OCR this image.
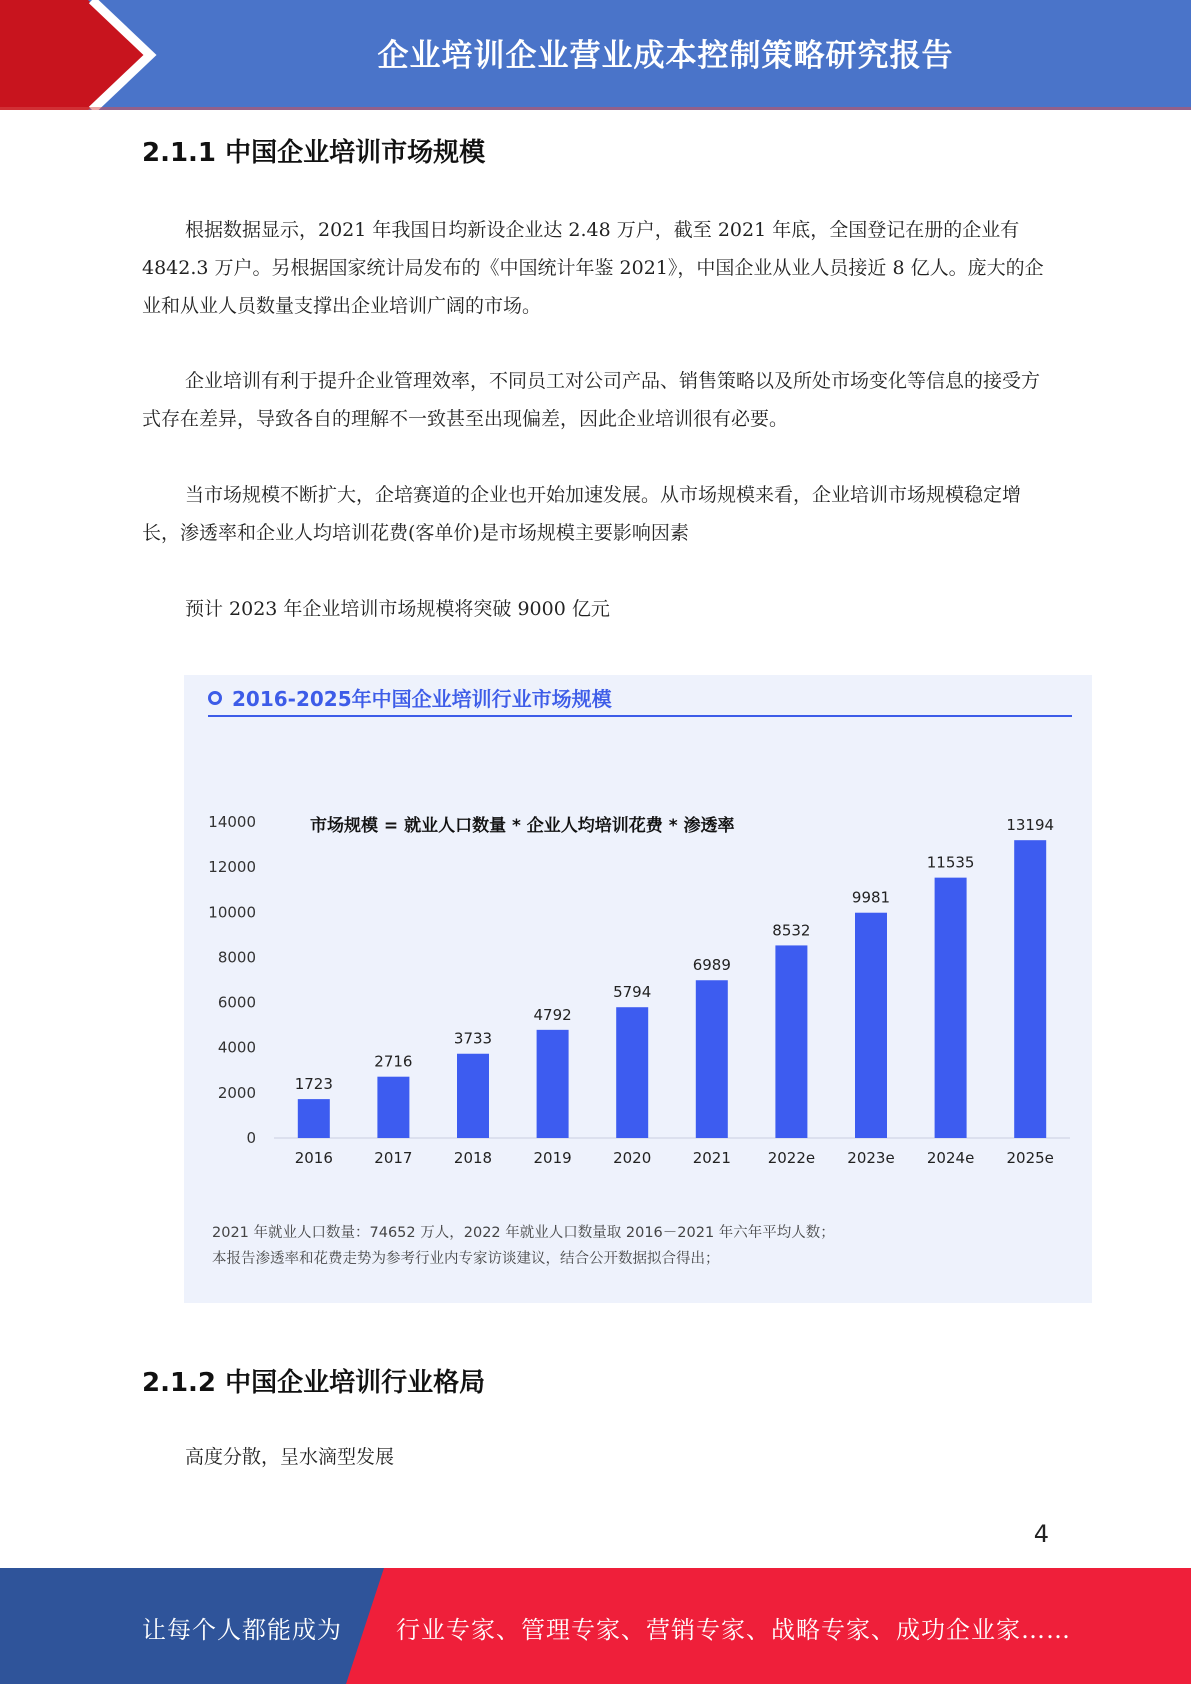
企业培训企业营业成本控制策略研究报告
2.1.1 中国企业培训市场规模
根据数据显示，2021 年我国日均新设企业达 2.48 万户，截至 2021 年底，全国登记在册的企业有 4842.3 万户。另根据国家统计局发布的《中国统计年鉴 2021》，中国企业从业人员接近 8 亿人。庞大的企业和从业人员数量支撑出企业培训广阔的市场。
企业培训有利于提升企业管理效率，不同员工对公司产品、销售策略以及所处市场变化等信息的接受方式存在差异，导致各自的理解不一致甚至出现偏差，因此企业培训很有必要。
当市场规模不断扩大，企培赛道的企业也开始加速发展。从市场规模来看，企业培训市场规模稳定增长，渗透率和企业人均培训花费(客单价)是市场规模主要影响因素
预计 2023 年企业培训市场规模将突破 9000 亿元
0
2000
4000
6000
8000
10000
12000
14000	市场规模 = 就业人口数量 * 企业人均培训花费 * 渗透率
1723
2016
2716
2017
3733
2018
4792
2019
5794
2020
6989
2021
8532
2022e
9981
2023e
11535
2024e
13194
2025e
2016-2025年中国企业培训行业市场规模
2021 年就业人口数量：74652 万人，2022 年就业人口数量取 2016－2021 年六年平均人数；
本报告渗透率和花费走势为参考行业内专家访谈建议，结合公开数据拟合得出；
2.1.2 中国企业培训行业格局
高度分散，呈水滴型发展
4
让每个人都能成为 行业专家、管理专家、营销专家、战略专家、成功企业家……
